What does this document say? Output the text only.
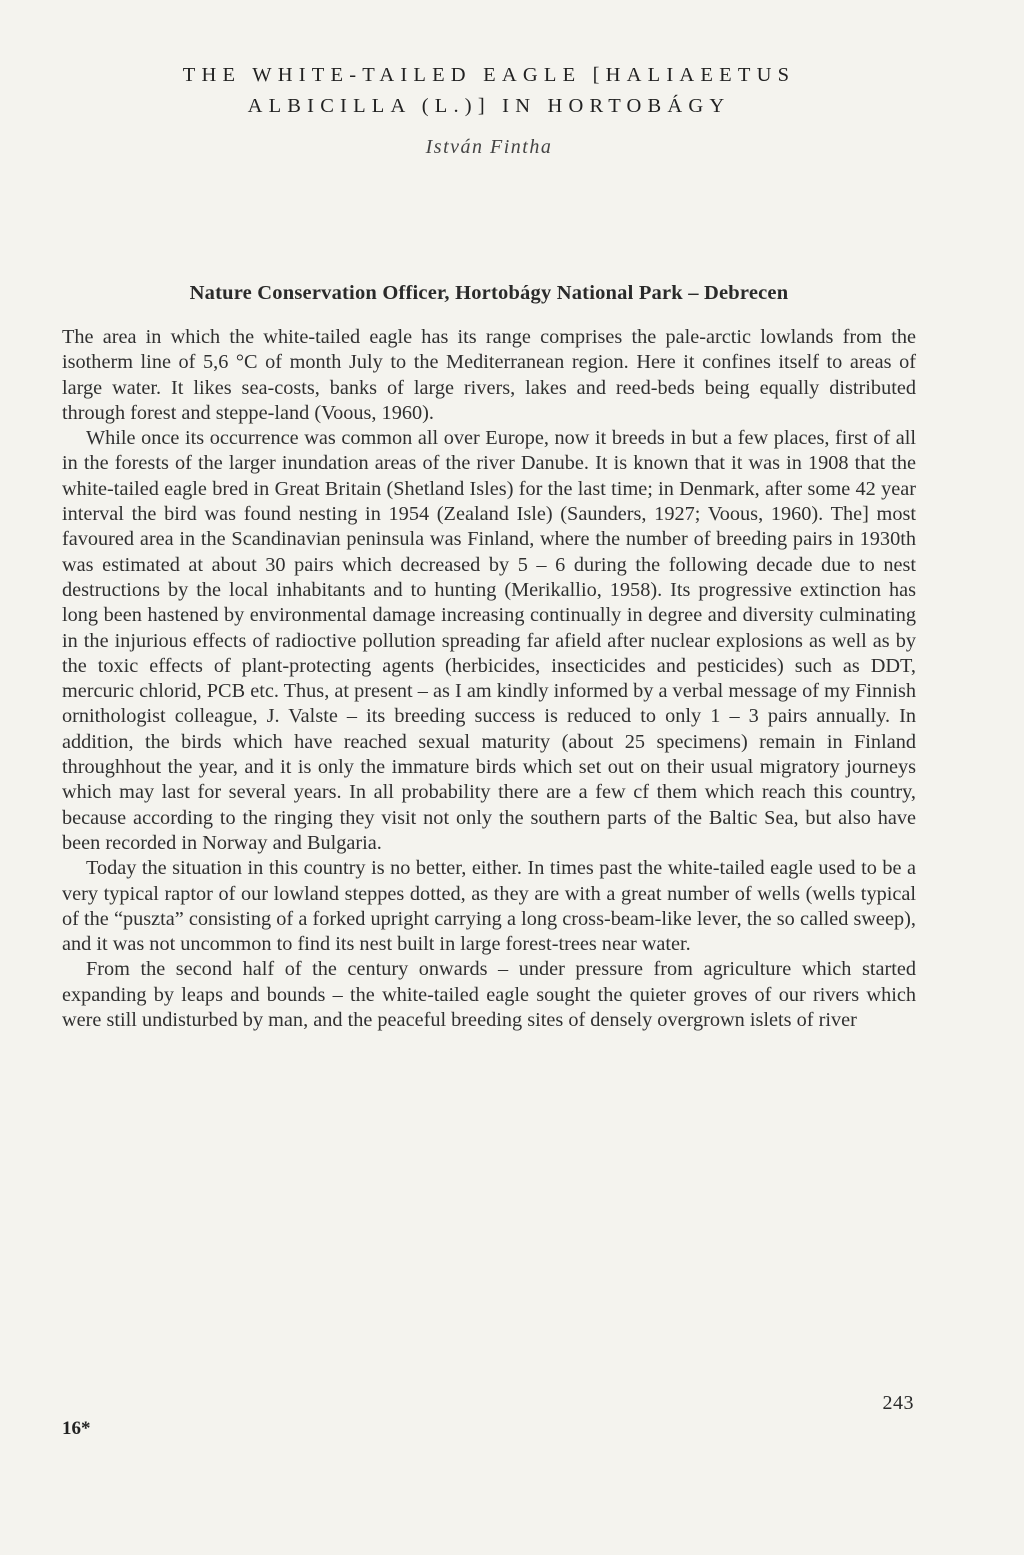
THE WHITE-TAILED EAGLE [HALIAEETUS
ALBICILLA (L.)] IN HORTOBÁGY
István Fintha
Nature Conservation Officer, Hortobágy National Park – Debrecen

The area in which the white-tailed eagle has its range comprises the pale-arctic lowlands from the isotherm line of 5,6 °C of month July to the Mediterranean region. Here it confines itself to areas of large water. It likes sea-costs, banks of large rivers, lakes and reed-beds being equally distributed through forest and steppe-land (Voous, 1960).

While once its occurrence was common all over Europe, now it breeds in but a few places, first of all in the forests of the larger inundation areas of the river Danube. It is known that it was in 1908 that the white-tailed eagle bred in Great Britain (Shetland Isles) for the last time; in Denmark, after some 42 year interval the bird was found nesting in 1954 (Zealand Isle) (Saunders, 1927; Voous, 1960). The] most favoured area in the Scandinavian peninsula was Finland, where the number of breeding pairs in 1930th was estimated at about 30 pairs which decreased by 5 – 6 during the following decade due to nest destructions by the local inhabitants and to hunting (Merikallio, 1958). Its progressive extinction has long been hastened by environmental damage increasing continually in degree and diversity culminating in the injurious effects of radioctive pollution spreading far afield after nuclear explosions as well as by the toxic effects of plant-protecting agents (herbicides, insecticides and pesticides) such as DDT, mercuric chlorid, PCB etc. Thus, at present – as I am kindly informed by a verbal message of my Finnish ornithologist colleague, J. Valste – its breeding success is reduced to only 1 – 3 pairs annually. In addition, the birds which have reached sexual maturity (about 25 specimens) remain in Finland throughhout the year, and it is only the immature birds which set out on their usual migratory journeys which may last for several years. In all probability there are a few cf them which reach this country, because according to the ringing they visit not only the southern parts of the Baltic Sea, but also have been recorded in Norway and Bulgaria.

Today the situation in this country is no better, either. In times past the white-tailed eagle used to be a very typical raptor of our lowland steppes dotted, as they are with a great number of wells (wells typical of the “puszta” consisting of a forked upright carrying a long cross-beam-like lever, the so called sweep), and it was not uncommon to find its nest built in large forest-trees near water.

From the second half of the century onwards – under pressure from agriculture which started expanding by leaps and bounds – the white-tailed eagle sought the quieter groves of our rivers which were still undisturbed by man, and the peaceful breeding sites of densely overgrown islets of river

243
16*
